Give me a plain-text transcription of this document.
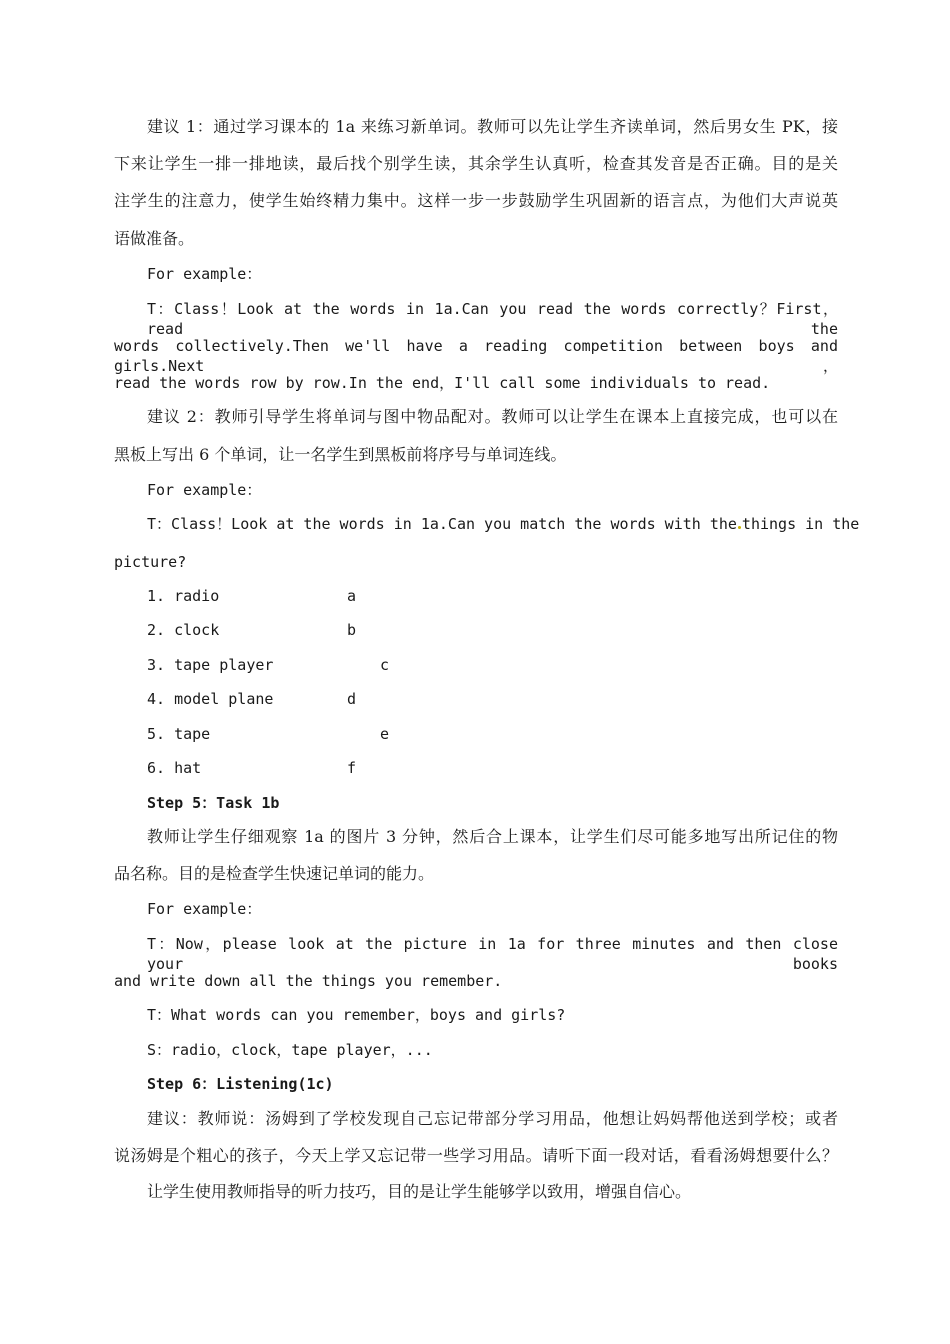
建议 1：通过学习课本的 1a 来练习新单词。教师可以先让学生齐读单词，然后男女生 PK，接
下来让学生一排一排地读，最后找个别学生读，其余学生认真听，检查其发音是否正确。目的是关
注学生的注意力，使学生始终精力集中。这样一步一步鼓励学生巩固新的语言点，为他们大声说英
语做准备。
For example：
T：Class！Look at the words in 1a.Can you read the words correctly？First，read the
words collectively.Then we'll have a reading competition between boys and girls.Next，
read the words row by row.In the end，I'll call some individuals to read.
建议 2：教师引导学生将单词与图中物品配对。教师可以让学生在课本上直接完成，也可以在
黑板上写出 6 个单词，让一名学生到黑板前将序号与单词连线。
For example：
T：Class！Look at the words in 1a.Can you match the words with the things in the
picture?
1. radio	a
2. clock	b
3. tape player	c
4. model plane	d
5. tape	e
6. hat	f
Step 5：Task 1b
教师让学生仔细观察 1a 的图片 3 分钟，然后合上课本，让学生们尽可能多地写出所记住的物
品名称。目的是检查学生快速记单词的能力。
For example：
T：Now，please look at the picture in 1a for three minutes and then close your books
and write down all the things you remember.
T：What words can you remember，boys and girls?
S：radio，clock，tape player，...
Step 6：Listening(1c)
建议：教师说：汤姆到了学校发现自己忘记带部分学习用品，他想让妈妈帮他送到学校；或者
说汤姆是个粗心的孩子，今天上学又忘记带一些学习用品。请听下面一段对话，看看汤姆想要什么？
让学生使用教师指导的听力技巧，目的是让学生能够学以致用，增强自信心。
